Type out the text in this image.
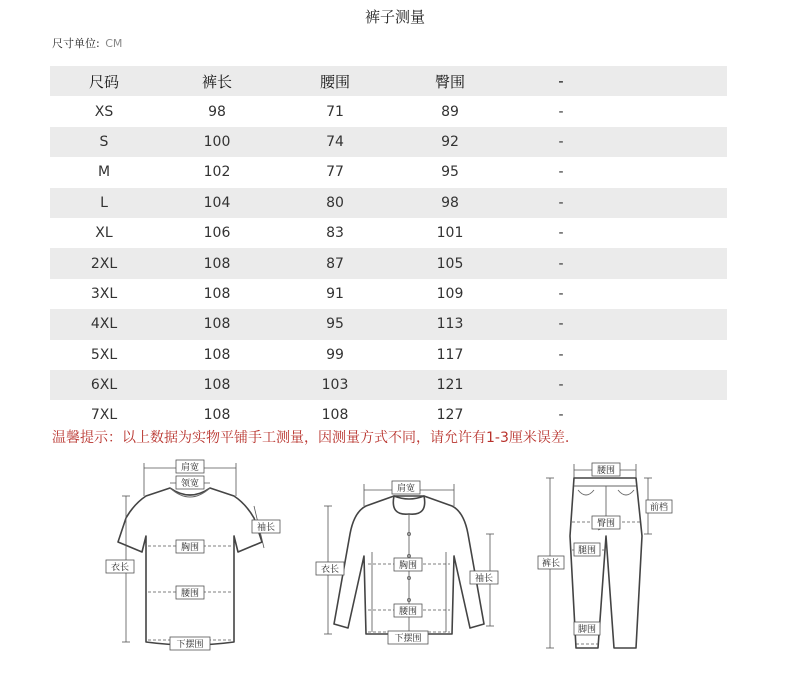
裤子测量
尺寸单位: CM
尺码	裤长	腰围	臀围	-	
XS	98	71	89	-	
S	100	74	92	-	
M	102	77	95	-	
L	104	80	98	-	
XL	106	83	101	-	
2XL	108	87	105	-	
3XL	108	91	109	-	
4XL	108	95	113	-	
5XL	108	99	117	-	
6XL	108	103	121	-	
7XL	108	108	127	-	
温馨提示：以上数据为实物平铺手工测量，因测量方式不同，请允许有1-3厘米误差.
肩宽
领宽
袖长
胸围
衣长
腰围
下摆围
肩宽
胸围
衣长
袖长
腰围
下摆围
腰围
前档
臀围
腿围
裤长
脚围
